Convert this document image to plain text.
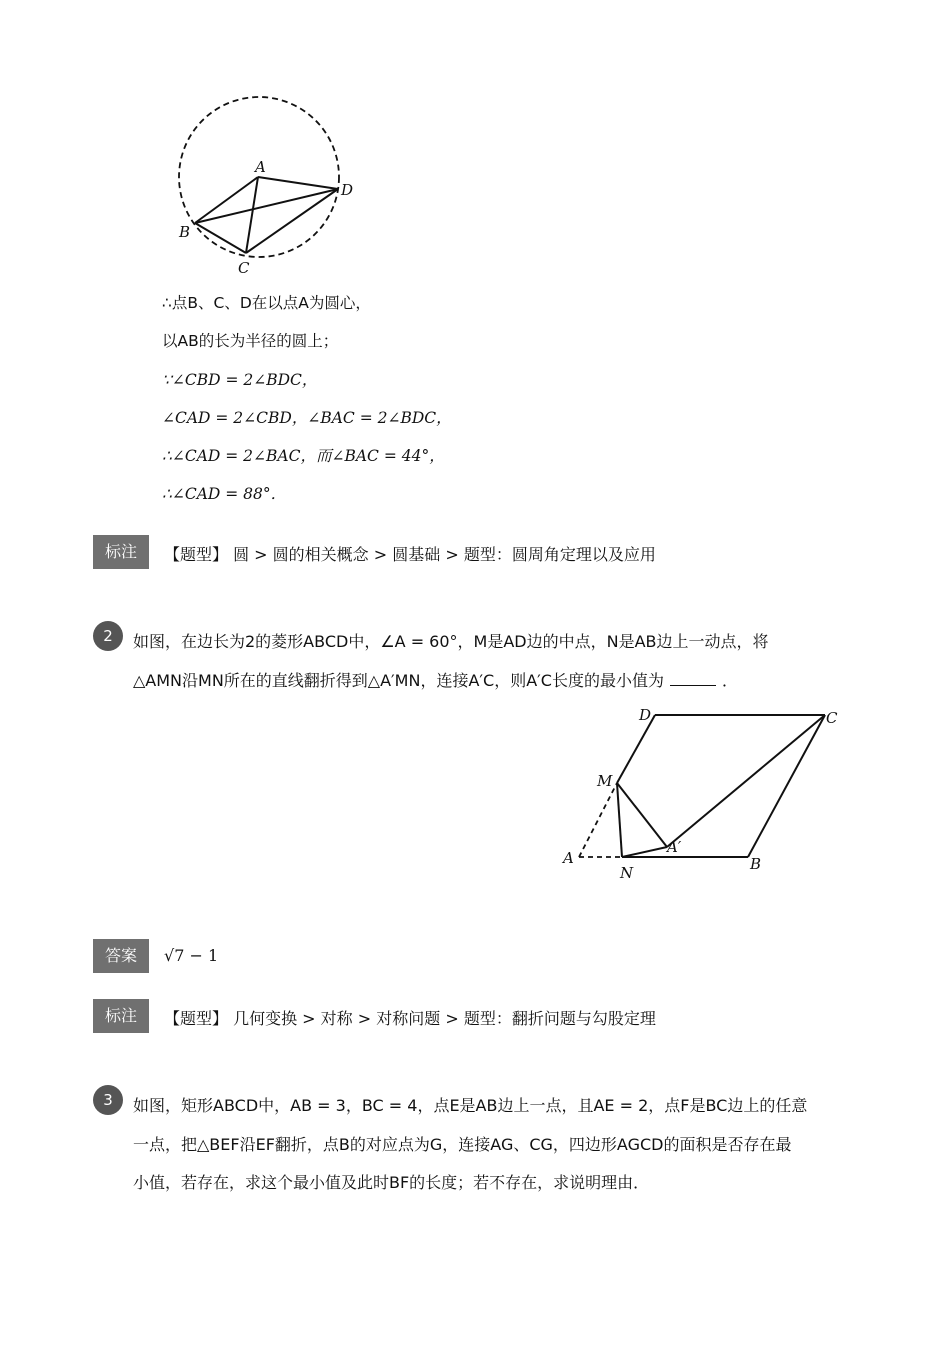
A
B
C
D
∴点B、C、D在以点A为圆心，
以AB的长为半径的圆上；
∵∠CBD = 2∠BDC，
∠CAD = 2∠CBD，∠BAC = 2∠BDC，
∴∠CAD = 2∠BAC，而∠BAC = 44°，
∴∠CAD = 88°．
标注	【题型】 圆 > 圆的相关概念 > 圆基础 > 题型：圆周角定理以及应用
2	如图，在边长为2的菱形ABCD中，∠A = 60°，M是AD边的中点，N是AB边上一动点，将
△AMN沿MN所在的直线翻折得到△A′MN，连接A′C，则A′C长度的最小值为	．
D	C
M
A
A′
N	B
答案	√7 − 1
标注	【题型】 几何变换 > 对称 > 对称问题 > 题型：翻折问题与勾股定理
3	如图，矩形ABCD中，AB = 3，BC = 4，点E是AB边上一点，且AE = 2，点F是BC边上的任意
一点，把△BEF沿EF翻折，点B的对应点为G，连接AG、CG，四边形AGCD的面积是否存在最
小值，若存在，求这个最小值及此时BF的长度；若不存在，求说明理由．
